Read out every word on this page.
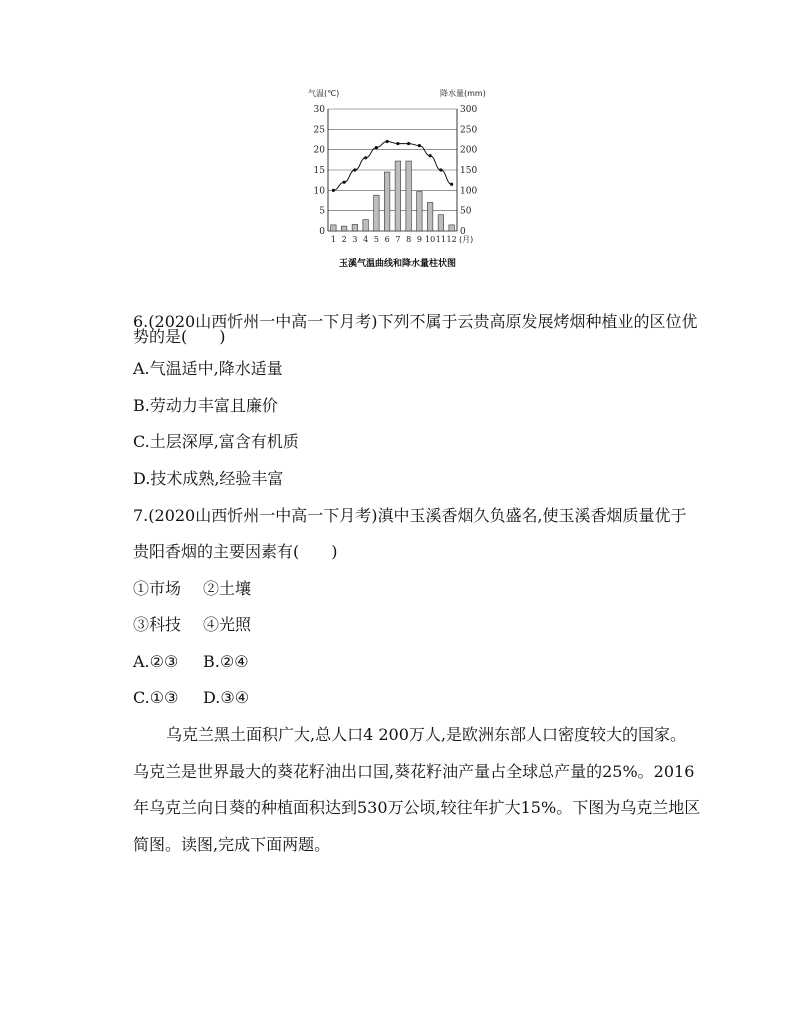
0
5
10
15
20
25
30
0
50
100
150
200
250
300
气温(℃)	降水量(mm)
1 2 3 4 5 6 7 8 9 10 11 12 (月)
玉溪气温曲线和降水量柱状图
6.(2020山西忻州一中高一下月考)下列不属于云贵高原发展烤烟种植业的区位优
势的是(　　)
A.气温适中,降水适量
B.劳动力丰富且廉价
C.土层深厚,富含有机质
D.技术成熟,经验丰富
7.(2020山西忻州一中高一下月考)滇中玉溪香烟久负盛名,使玉溪香烟质量优于
贵阳香烟的主要因素有(　　)
①市场 ②土壤
③科技 ④光照
A.②③ B.②④
C.①③ D.③④
乌克兰黑土面积广大,总人口4 200万人,是欧洲东部人口密度较大的国家。
乌克兰是世界最大的葵花籽油出口国,葵花籽油产量占全球总产量的25%。2016
年乌克兰向日葵的种植面积达到530万公顷,较往年扩大15%。下图为乌克兰地区
简图。读图,完成下面两题。
